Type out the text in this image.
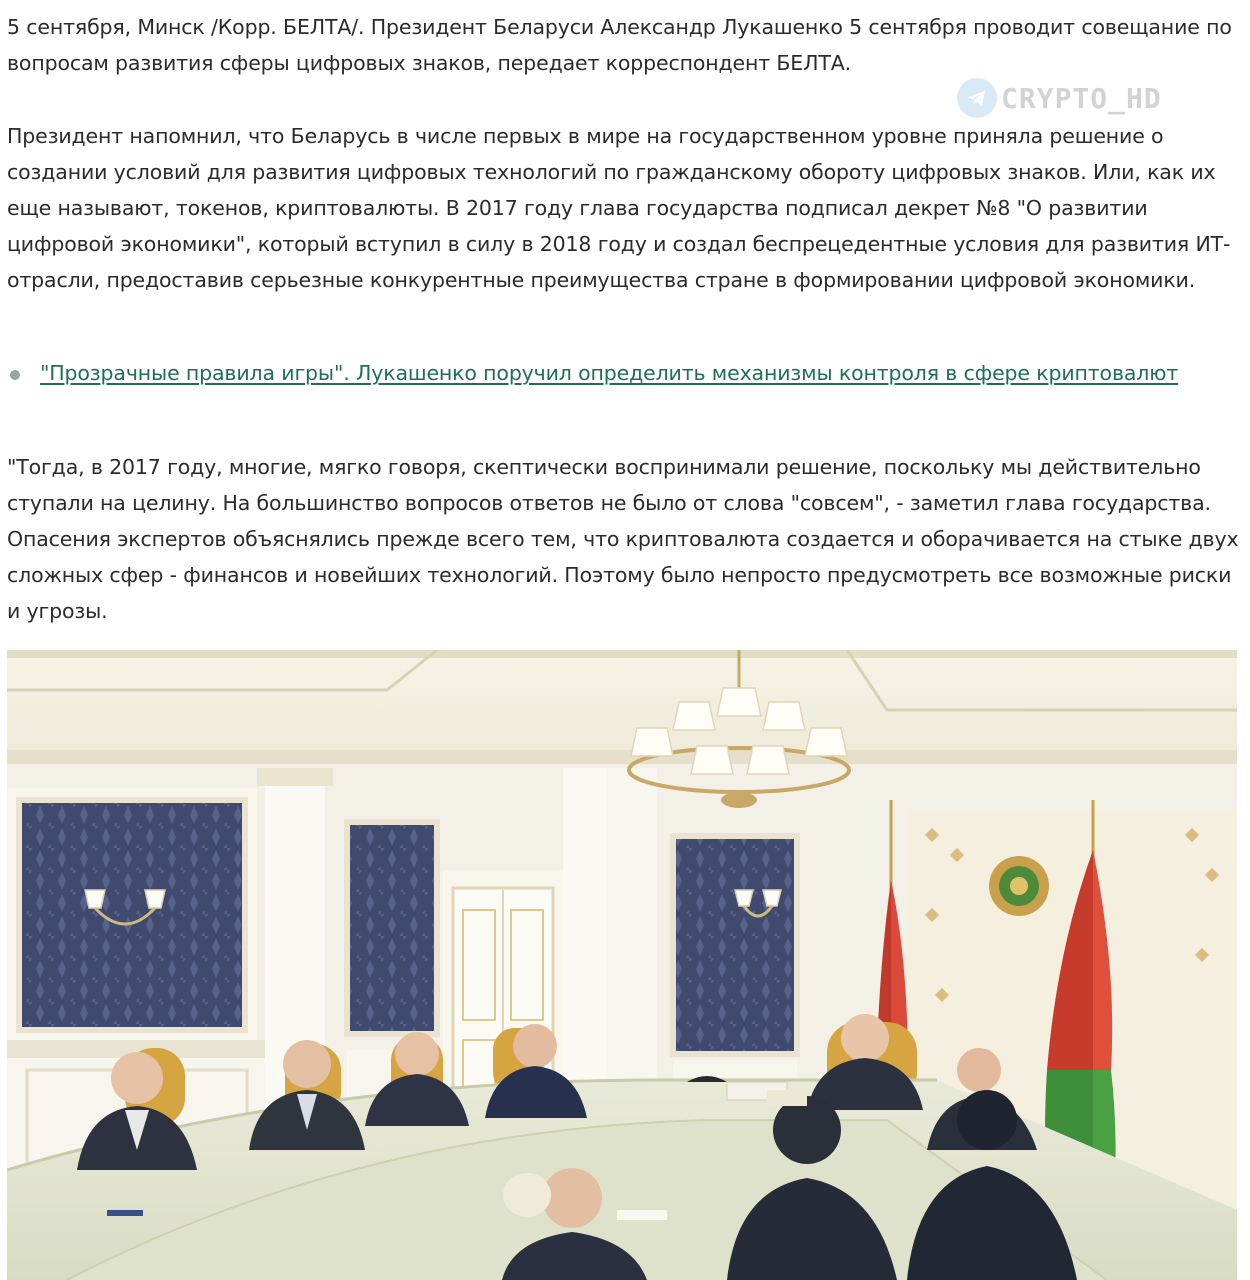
5 сентября, Минск /Корр. БЕЛТА/. Президент Беларуси Александр Лукашенко 5 сентября проводит совещание по вопросам развития сферы цифровых знаков, передает корреспондент БЕЛТА.

Президент напомнил, что Беларусь в числе первых в мире на государственном уровне приняла решение о создании условий для развития цифровых технологий по гражданскому обороту цифровых знаков. Или, как их еще называют, токенов, криптовалюты. В 2017 году глава государства подписал декрет №8 "О развитии цифровой экономики", который вступил в силу в 2018 году и создал беспрецедентные условия для развития ИТ-отрасли, предоставив серьезные конкурентные преимущества стране в формировании цифровой экономики.

"Прозрачные правила игры". Лукашенко поручил определить механизмы контроля в сфере криптовалют

"Тогда, в 2017 году, многие, мягко говоря, скептически воспринимали решение, поскольку мы действительно ступали на целину. На большинство вопросов ответов не было от слова "совсем", - заметил глава государства. Опасения экспертов объяснялись прежде всего тем, что криптовалюта создается и оборачивается на стыке двух сложных сфер - финансов и новейших технологий. Поэтому было непросто предусмотреть все возможные риски и угрозы.

CRYPTO_HD
